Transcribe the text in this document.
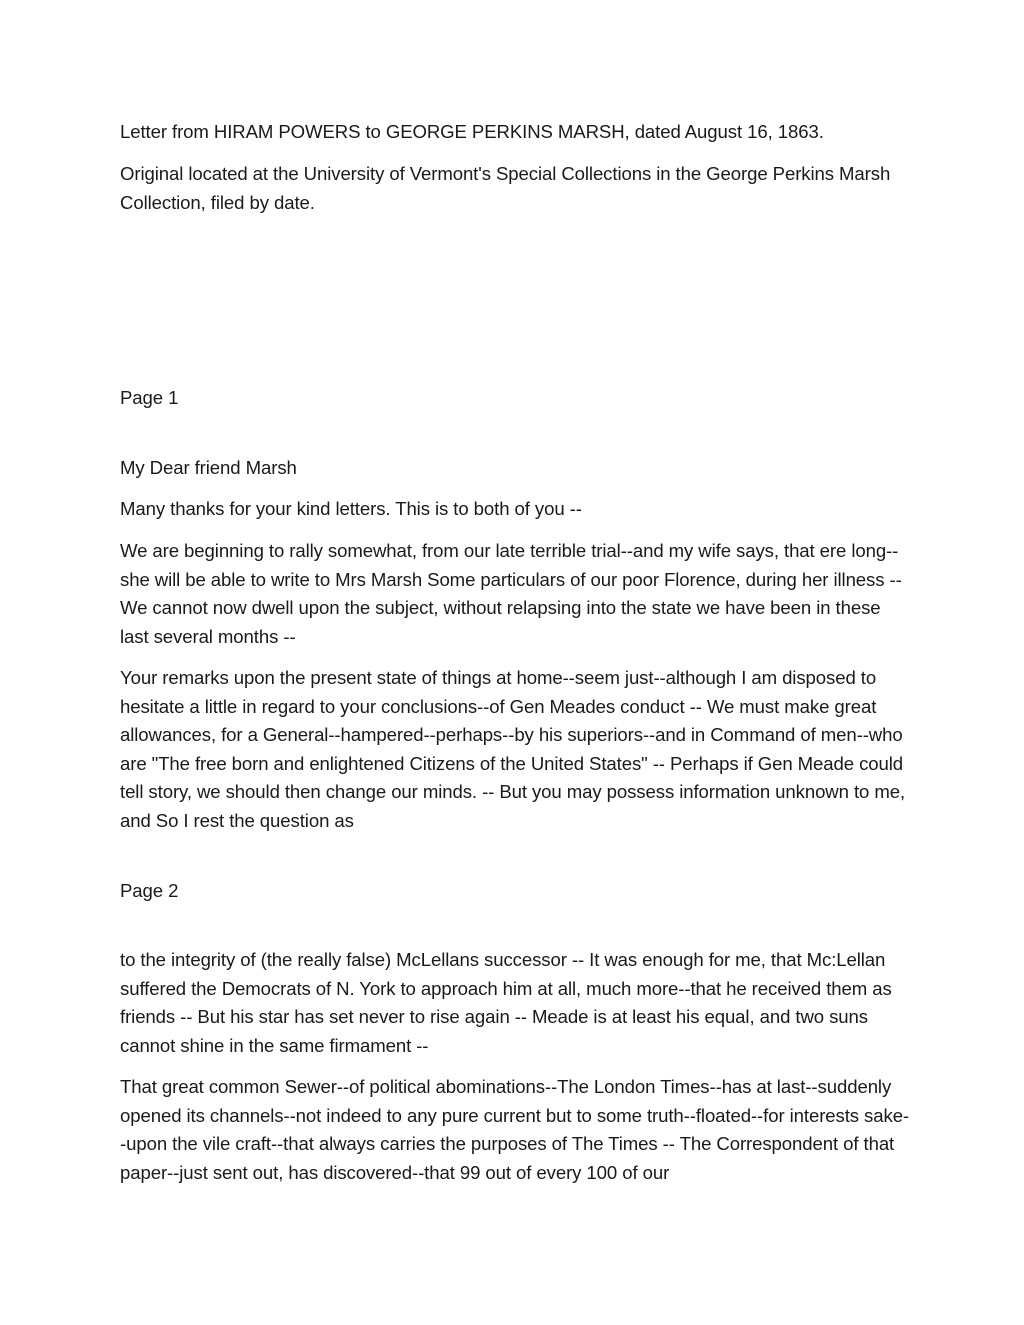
Letter from HIRAM POWERS to GEORGE PERKINS MARSH, dated August 16, 1863.

Original located at the University of Vermont's Special Collections in the George Perkins Marsh Collection, filed by date.

Page 1

My Dear friend Marsh

Many thanks for your kind letters. This is to both of you --

We are beginning to rally somewhat, from our late terrible trial--and my wife says, that ere long--she will be able to write to Mrs Marsh Some particulars of our poor Florence, during her illness -- We cannot now dwell upon the subject, without relapsing into the state we have been in these last several months --

Your remarks upon the present state of things at home--seem just--although I am disposed to hesitate a little in regard to your conclusions--of Gen Meades conduct -- We must make great allowances, for a General--hampered--perhaps--by his superiors--and in Command of men--who are "The free born and enlightened Citizens of the United States" -- Perhaps if Gen Meade could tell story, we should then change our minds. -- But you may possess information unknown to me, and So I rest the question as

Page 2

to the integrity of (the really false) McLellans successor -- It was enough for me, that Mc:Lellan suffered the Democrats of N. York to approach him at all, much more--that he received them as friends -- But his star has set never to rise again -- Meade is at least his equal, and two suns cannot shine in the same firmament --

That great common Sewer--of political abominations--The London Times--has at last--suddenly opened its channels--not indeed to any pure current but to some truth--floated--for interests sake--upon the vile craft--that always carries the purposes of The Times -- The Correspondent of that paper--just sent out, has discovered--that 99 out of every 100 of our
